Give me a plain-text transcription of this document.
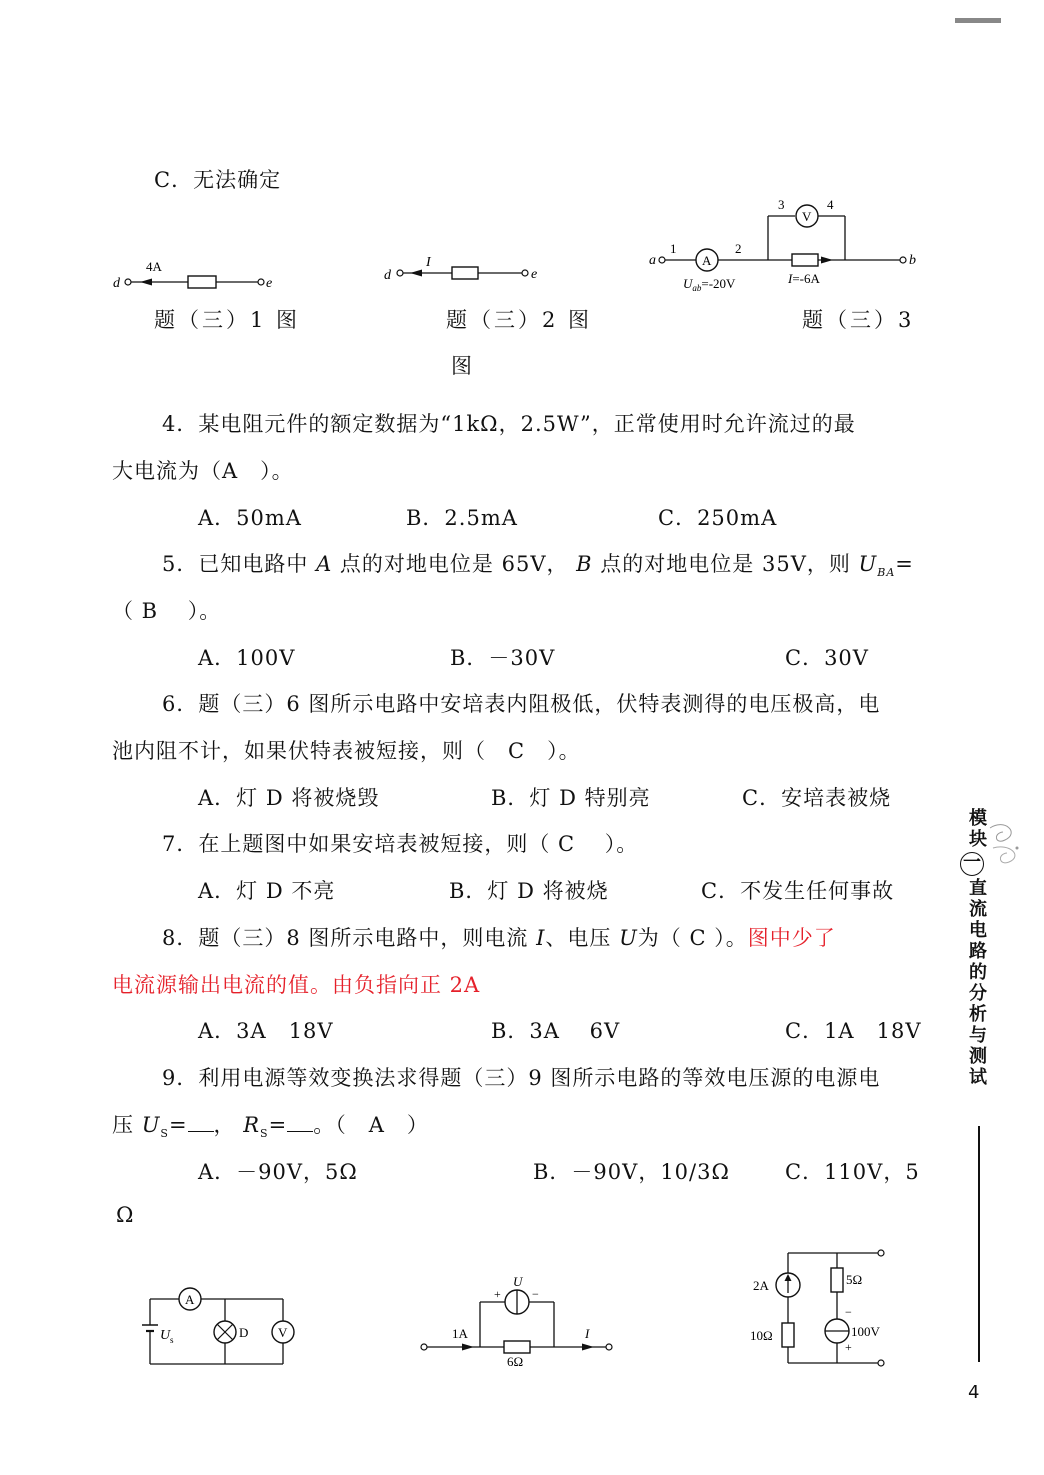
C．无法确定
d
4A
e
题（三）1 图
d
I
e
题（三）2 图
a
1
A
2
3
V
4
b
$U_{ab}=-20V$	I=-6A
题（三）3
图
4．某电阻元件的额定数据为“1kΩ，2.5W”，正常使用时允许流过的最
大电流为（A　）。
A．50mA	B．2.5mA	C．250mA
5．已知电路中 A 点的对地电位是 65V， B 点的对地电位是 35V，则 $U_{BA}=$
（ B　 ）。
A．100V	B．－30V	C．30V
6．题（三）6 图所示电路中安培表内阻极低，伏特表测得的电压极高，电
池内阻不计，如果伏特表被短接，则（　C　）。
A．灯 D 将被烧毁	B．灯 D 特别亮	C．安培表被烧
7．在上题图中如果安培表被短接，则（ C　 ）。
A．灯 D 不亮	B．灯 D 将被烧	C．不发生任何事故
8．题（三）8 图所示电路中，则电流 I、电压 U为（ C ）。图中少了
电流源输出电流的值。由负指向正 2A
A．3A　18V	B．3A　 6V	C．1A　18V
9．利用电源等效变换法求得题（三）9 图所示电路的等效电压源的电源电
压 $U_S=$ ， $R_S=$ 。（　A　）
A．－90V，5Ω	B．－90V，10/3Ω	C．110V，5
Ω
A
U s	D V	1A
U
+	−
6Ω
I
2A
10Ω
5Ω
−
+
100V
模
块
一
直
流
电
路
的
分
析
与
测
试
4
